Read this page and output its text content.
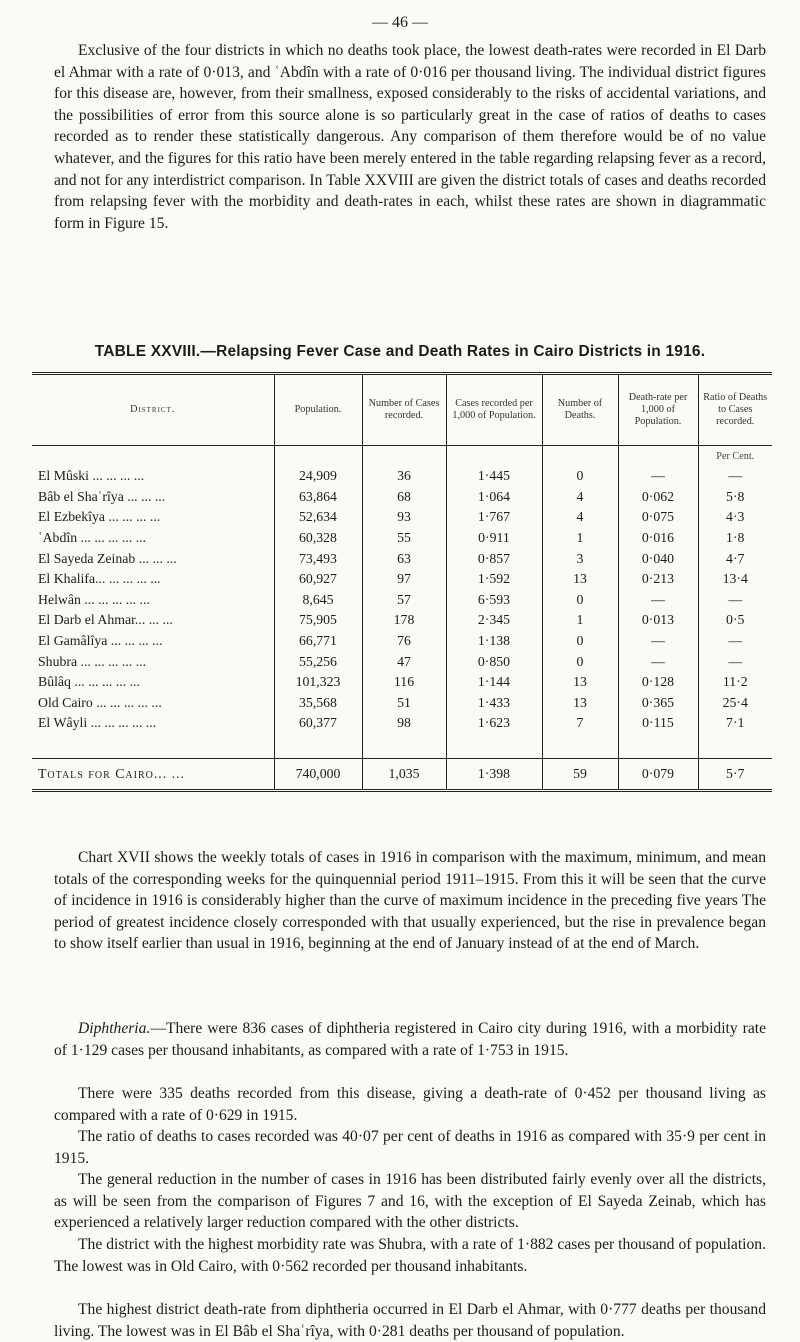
— 46 —

Exclusive of the four districts in which no deaths took place, the lowest death-rates were recorded in El Darb el Ahmar with a rate of 0·013, and ʿAbdîn with a rate of 0·016 per thousand living. The individual district figures for this disease are, however, from their smallness, exposed considerably to the risks of accidental variations, and the possibilities of error from this source alone is so particularly great in the case of ratios of deaths to cases recorded as to render these statistically dangerous. Any comparison of them therefore would be of no value whatever, and the figures for this ratio have been merely entered in the table regarding relapsing fever as a record, and not for any interdistrict comparison. In Table XXVIII are given the district totals of cases and deaths recorded from relapsing fever with the morbidity and death-rates in each, whilst these rates are shown in diagrammatic form in Figure 15.

TABLE XXVIII.—Relapsing Fever Case and Death Rates in Cairo Districts in 1916.
District.	Population.	Number of Cases recorded.	Cases recorded per 1,000 of Population.	Number of Deaths.	Death-rate per 1,000 of Population.	Ratio of Deaths to Cases recorded.
						Per Cent.
El Mûski ... ... ... ...	24,909	36	1·445	0	—	—
Bâb el Shaʿrîya ... ... ...	63,864	68	1·064	4	0·062	5·8
El Ezbekîya ... ... ... ...	52,634	93	1·767	4	0·075	4·3
ʿAbdîn ... ... ... ... ...	60,328	55	0·911	1	0·016	1·8
El Sayeda Zeinab ... ... ...	73,493	63	0·857	3	0·040	4·7
El Khalifa... ... ... ... ...	60,927	97	1·592	13	0·213	13·4
Helwân ... ... ... ... ...	8,645	57	6·593	0	—	—
El Darb el Ahmar... ... ...	75,905	178	2·345	1	0·013	0·5
El Gamâlîya ... ... ... ...	66,771	76	1·138	0	—	—
Shubra ... ... ... ... ...	55,256	47	0·850	0	—	—
Bûlâq ... ... ... ... ...	101,323	116	1·144	13	0·128	11·2
Old Cairo ... ... ... ... ...	35,568	51	1·433	13	0·365	25·4
El Wâyli ... ... ... ... ...	60,377	98	1·623	7	0·115	7·1

Totals for Cairo... ...	740,000	1,035	1·398	59	0·079	5·7

Chart XVII shows the weekly totals of cases in 1916 in comparison with the maximum, minimum, and mean totals of the corresponding weeks for the quinquennial period 1911–1915. From this it will be seen that the curve of incidence in 1916 is considerably higher than the curve of maximum incidence in the preceding five years The period of greatest incidence closely corresponded with that usually experienced, but the rise in prevalence began to show itself earlier than usual in 1916, beginning at the end of January instead of at the end of March.

Diphtheria.—There were 836 cases of diphtheria registered in Cairo city during 1916, with a morbidity rate of 1·129 cases per thousand inhabitants, as compared with a rate of 1·753 in 1915.

There were 335 deaths recorded from this disease, giving a death-rate of 0·452 per thousand living as compared with a rate of 0·629 in 1915.

The ratio of deaths to cases recorded was 40·07 per cent of deaths in 1916 as compared with 35·9 per cent in 1915.

The general reduction in the number of cases in 1916 has been distributed fairly evenly over all the districts, as will be seen from the comparison of Figures 7 and 16, with the exception of El Sayeda Zeinab, which has experienced a relatively larger reduction compared with the other districts.

The district with the highest morbidity rate was Shubra, with a rate of 1·882 cases per thousand of population. The lowest was in Old Cairo, with 0·562 recorded per thousand inhabitants.

The highest district death-rate from diphtheria occurred in El Darb el Ahmar, with 0·777 deaths per thousand living. The lowest was in El Bâb el Shaʿrîya, with 0·281 deaths per thousand of population.
